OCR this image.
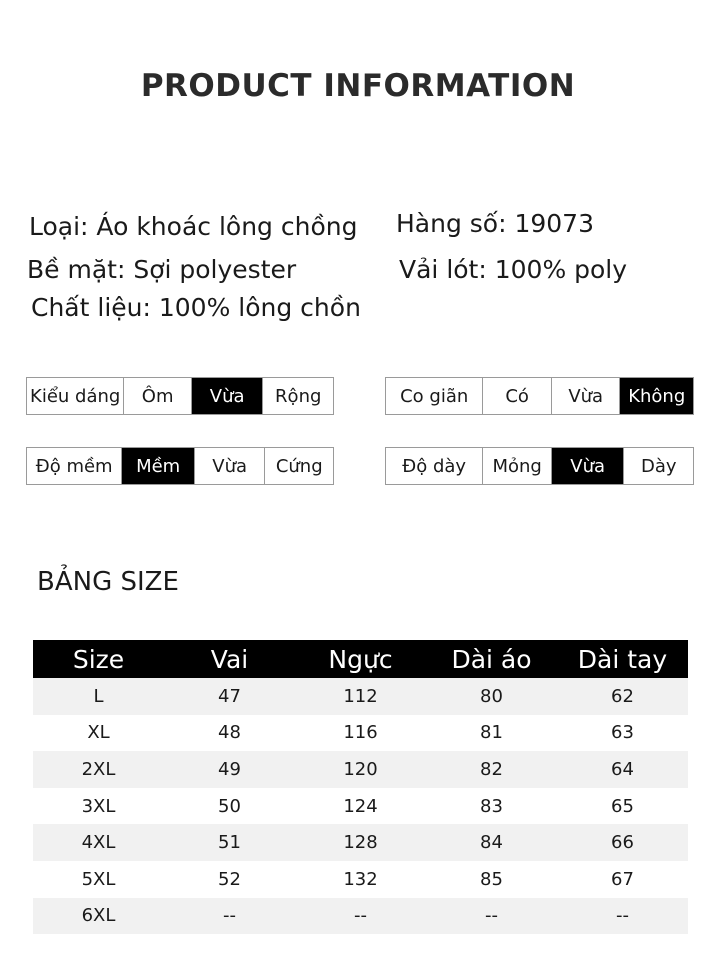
PRODUCT INFORMATION
Loại: Áo khoác lông chồng Hàng số: 19073
Bề mặt: Sợi polyester	Vải lót: 100% poly
Chất liệu: 100% lông chồn
Kiểu dáng	Ôm	Vừa	Rộng	Co giãn	Có	Vừa	Không
Độ mềm	Mềm	Vừa	Cứng	Độ dày	Mỏng	Vừa	Dày
BẢNG SIZE
Size	Vai	Ngực	Dài áo	Dài tay
L	47	112	80	62
XL	48	116	81	63
2XL	49	120	82	64
3XL	50	124	83	65
4XL	51	128	84	66
5XL	52	132	85	67
6XL	--	--	--	--
